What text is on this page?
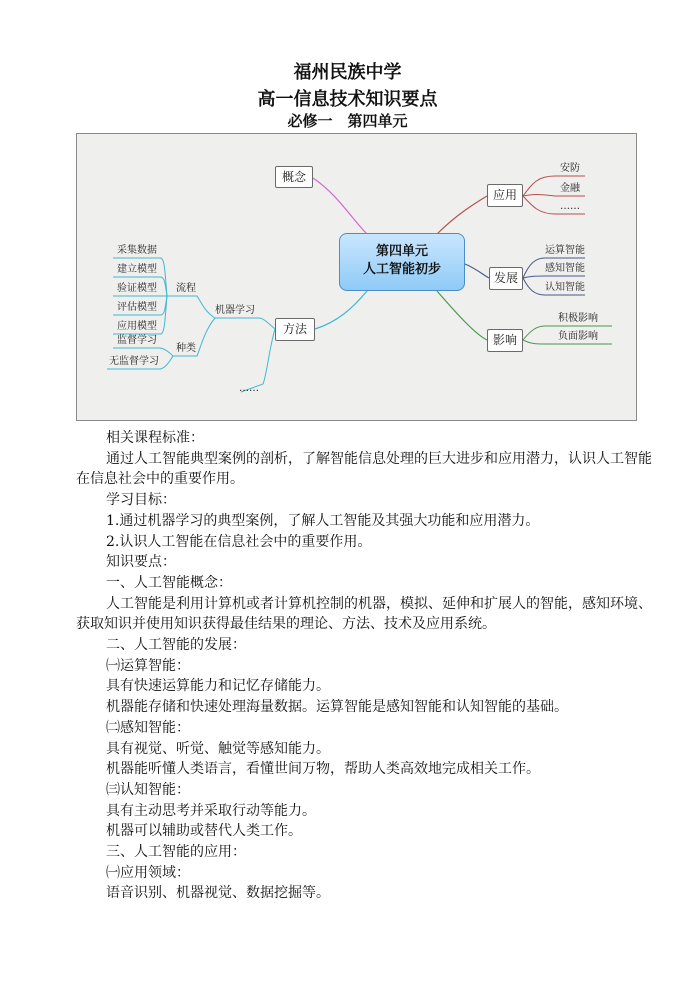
福州民族中学
高一信息技术知识要点
必修一　第四单元
概念
第四单元
人工智能初步
应用
发展
影响
方法
安防
金融
……
运算智能
感知智能
认知智能
积极影响
负面影响
机器学习
流程
种类
采集数据
建立模型
验证模型
评估模型
应用模型
监督学习
无监督学习
……

相关课程标准：

通过人工智能典型案例的剖析，了解智能信息处理的巨大进步和应用潜力，认识人工智能在信息社会中的重要作用。

学习目标：

1.通过机器学习的典型案例，了解人工智能及其强大功能和应用潜力。

2.认识人工智能在信息社会中的重要作用。

知识要点：

一、人工智能概念：

人工智能是利用计算机或者计算机控制的机器，模拟、延伸和扩展人的智能，感知环境、获取知识并使用知识获得最佳结果的理论、方法、技术及应用系统。

二、人工智能的发展：

㈠运算智能：

具有快速运算能力和记忆存储能力。

机器能存储和快速处理海量数据。运算智能是感知智能和认知智能的基础。

㈡感知智能：

具有视觉、听觉、触觉等感知能力。

机器能听懂人类语言，看懂世间万物，帮助人类高效地完成相关工作。

㈢认知智能：

具有主动思考并采取行动等能力。

机器可以辅助或替代人类工作。

三、人工智能的应用：

㈠应用领域：

语音识别、机器视觉、数据挖掘等。
